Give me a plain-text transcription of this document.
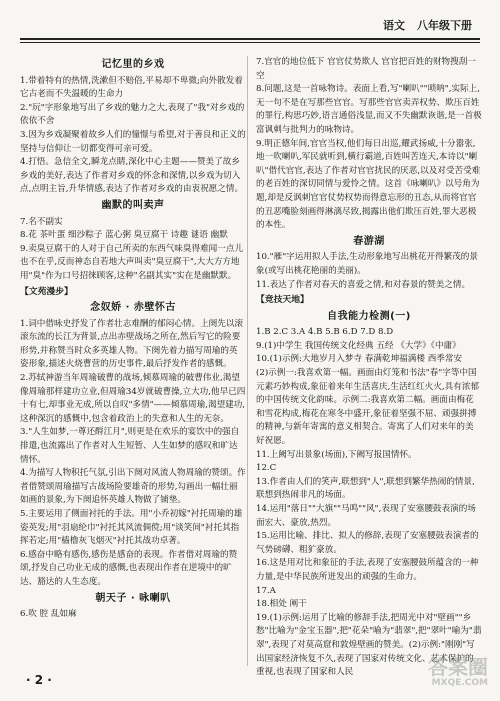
语文 八年级下册
记忆里的乡戏

1.带着特有的热情,洗漱但不赔俗,平易却不卑微;向外散发着它古老而不失温暖的生命力

2."玩"字形象地写出了乡戏的魅力之大,表现了"我"对乡戏的依依不舍

3.因为乡戏凝聚着故乡人们的憧憬与希望,对于善良和正义的坚持与信仰让一切都变得可亲可爱。

4.打悟。急信全文,瞬龙点睛,深化中心主题——赞美了故乡乡戏的美好,表达了作者对乡戏的怀念和深情,以乡戏为切入点,点明主旨,升华情感,表达了作者对乡戏的由衷祝愿之情。

幽默的叫卖声

7.名不副实

8.花 茶叶蛋 细沙粽子 蓝心粥 臭豆腐干 诗趣 谜语 幽默

9.卖臭豆腐干的人对于自己所卖的东西气味臭得难闻一点儿也不在乎,反而神态自若地大声叫卖"臭豆腐干",大大方方地用"臭"作为口号招徕顾客,这种"名副其实"实在是幽默默。

【文苑漫步】
念奴娇 · 赤壁怀古

1.词中借咏史抒发了作者壮志难酬的郁闷心情。上阕先以滚滚东流的长江为背景,点出赤壁战场之所在,然后写它的险要形势,并称赞当时众多英雄人物。下阕先着力描写周瑜的英姿形象,描述火烧曹营的历史事件,最后抒发作者的感慨。

2.苏轼神游当年周瑜破曹的战场,倾慕周瑜的破曹伟业,渴望像周瑜那样建功立业,但周瑜34岁就破曹操,立大功,他早已四十有七,却事业无成,所以自叹"多情"——倾慕周瑜,渴望建功,这种深沉的感慨中,包含着政治上的失意和人生的无奈。

3."人生如梦,一尊还酹江月",则更是在欢乐的宴饮中的强自排遣,也流露出了作者对人生短暂、人生如梦的感叹和旷达情怀。

4.为描写人物积托气氛,引出下阕对风流人物周瑜的赞颂。作者借赞颂周瑜描写古战场险要雄奇的形势,勾画出一幅壮丽如画的景象,为下阕追怀英雄人物做了铺垫。

5.主要运用了侧面衬托的手法。用"小乔初嫁"衬托周瑜的雄姿英发;用"羽扇纶巾"衬托其风流倜傥;用"谈笑间"衬托其指挥若定;用"樯橹灰飞烟灭"衬托其战功卓著。

6.感奋中略有感伤,感伤是感奋的表现。作者借对周瑜的赞颂,抒发自己功业无成的感慨,也表现出作者在逆境中的旷达、豁达的人生态度。

朝天子 · 咏喇叭

6.吹 腔 乱如麻

7.官官的地位低下 官官仗势欺人 官官把百姓的财物搜刮一空

8.问题,这是一首咏物诗。表面上看,写"喇叭""唢呐",实际上,无一句不是在写那些官官。写那些官官卖弄权势、欺压百姓的罪行,构思巧妙,语言通俗浅显,而又不失幽默诙谐,是一首极富讽刺与批判力的咏物诗。

9.明正德年间,官官当权,他们每日出巡,耀武扬威,十分嚣张,地一吹喇叭,军民就听到,横行霸道,百姓叫苦连天,本诗以"喇叭"借代官官,表达了作者对官官扰民的厌恶,以及对受苦受难的老百姓的深切同情与爱怜之情。这首《咏喇叭》以号角为题,却是反讽刺官官仗势权势而得意忘形的丑态,从而将官官的丑恶嘴脸刻画得淋漓尽致,揭露出他们欺压百姓,罪大恶极的本性。

春游湖

10."雁"字运用拟人手法,生动形象地写出桃花开得繁茂的景象(或写出桃花艳丽的美丽)。

11.表达了作者对春天的喜爱之情,和对春景的赞美之情。

【竞技天地】
自我能力检测(一)

1.B 2.C 3.A 4.B 5.B 6.D 7.D 8.D

9.(1)中学生 我国传统文化经典 五经 《大学》《中庸》

10.(1)示例:大地岁月入梦寺 春满乾坤福满楼 西季常安

(2)示例一:我喜欢第一幅。画面由灯笼和书法"春"字等中国元素巧妙构成,象征着来年生活喜庆,生活红红火火,具有浓郁的中国传统文化韵味。示例二:我喜欢第二幅。画面由梅花和雪花构成,梅花在寒冬中盛开,象征着坚强不屈、顽强拼搏的精神,与新年寄寓的意义相契合。寄寓了人们对来年的美好祝愿。

11.上阙写出景象(场面),下阙写报国情怀。

12.C

13.作者由人们的笑声,联想到"人",联想到繁华热闹的情景,联想到热闹非凡的场面。

14.运用"落日""大旗""马鸣""风",表现了安塞腰鼓表演的场面宏大、豪放,热烈。

15.运用比喻、排比、拟人的修辞,表现了安塞腰鼓表演者的气势磅礴、粗犷豪放。

16.这是用对比和象征的手法,表现了安塞腰鼓所蕴含的一种力量,是中华民族所迸发出的顽强的生命力。

17.A

18.相处 阐干

19.(1)示例:运用了比喻的修辞手法,把周光中对"壁画""乡愁"比喻为"金宝玉器",把"花朵"喻为"翡翠",把"翠叶"喻为"翡翠",表现了对莫高窟和敦煌壁画的赞美。(2)示例:"刚刚"写出国家经济恢复不久,表现了国家对传统文化、艺术保护的重视,也表现了国家和人民

· 2 ·
答案圈
MXQE.COM
